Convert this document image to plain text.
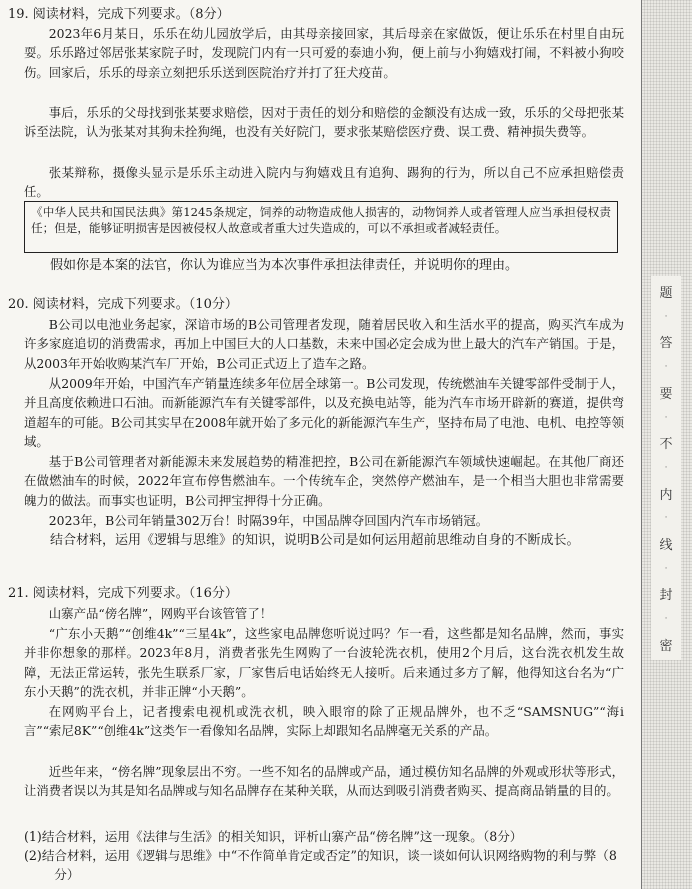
19. 阅读材料，完成下列要求。（8分）

2023年6月某日，乐乐在幼儿园放学后，由其母亲接回家，其后母亲在家做饭，便让乐乐在村里自由玩耍。乐乐路过邻居张某家院子时，发现院门内有一只可爱的泰迪小狗，便上前与小狗嬉戏打闹，不料被小狗咬伤。回家后，乐乐的母亲立刻把乐乐送到医院治疗并打了狂犬疫苗。

事后，乐乐的父母找到张某要求赔偿，因对于责任的划分和赔偿的金额没有达成一致，乐乐的父母把张某诉至法院，认为张某对其狗未拴狗绳，也没有关好院门，要求张某赔偿医疗费、误工费、精神损失费等。

张某辩称，摄像头显示是乐乐主动进入院内与狗嬉戏且有追狗、踢狗的行为，所以自己不应承担赔偿责任。

《中华人民共和国民法典》第1245条规定，饲养的动物造成他人损害的，动物饲养人或者管理人应当承担侵权责任；但是，能够证明损害是因被侵权人故意或者重大过失造成的，可以不承担或者减轻责任。

假如你是本案的法官，你认为谁应当为本次事件承担法律责任，并说明你的理由。

20. 阅读材料，完成下列要求。（10分）

B公司以电池业务起家，深谙市场的B公司管理者发现，随着居民收入和生活水平的提高，购买汽车成为许多家庭追切的消费需求，再加上中国巨大的人口基数，未来中国必定会成为世上最大的汽车产销国。于是，从2003年开始收购某汽车厂开始，B公司正式迈上了造车之路。

从2009年开始，中国汽车产销量连续多年位居全球第一。B公司发现，传统燃油车关键零部件受制于人，并且高度依赖进口石油。而新能源汽车有关键零部件，以及充换电站等，能为汽车市场开辟新的赛道，提供弯道超车的可能。B公司其实早在2008年就开始了多元化的新能源汽车生产，坚持布局了电池、电机、电控等领域。

基于B公司管理者对新能源未来发展趋势的精准把控，B公司在新能源汽车领域快速崛起。在其他厂商还在做燃油车的时候，2022年宣布停售燃油车。一个传统车企，突然停产燃油车，是一个相当大胆也非常需要魄力的做法。而事实也证明，B公司押宝押得十分正确。

2023年，B公司年销量302万台！时隔39年，中国品牌夺回国内汽车市场销冠。

结合材料，运用《逻辑与思维》的知识，说明B公司是如何运用超前思维动自身的不断成长。

21. 阅读材料，完成下列要求。（16分）

山寨产品“傍名牌”，网购平台该管管了！

“广东小天鹅”“创维4k”“三星4k”，这些家电品牌您听说过吗？乍一看，这些都是知名品牌，然而，事实并非你想象的那样。2023年8月，消费者张先生网购了一台波轮洗衣机，使用2个月后，这台洗衣机发生故障，无法正常运转，张先生联系厂家，厂家售后电话始终无人接听。后来通过多方了解，他得知这台名为“广东小天鹅”的洗衣机，并非正牌“小天鹅”。

在网购平台上，记者搜索电视机或洗衣机，映入眼帘的除了正规品牌外，也不乏“SAMSNUG”“海ⅰ言”“索尼8K”“创维4k”这类乍一看像知名品牌，实际上却跟知名品牌毫无关系的产品。

近些年来，“傍名牌”现象层出不穷。一些不知名的品牌或产品，通过模仿知名品牌的外观或形状等形式，让消费者误以为其是知名品牌或与知名品牌存在某种关联，从而达到吸引消费者购买、提高商品销量的目的。

(1)结合材料，运用《法律与生活》的相关知识，评析山寨产品“傍名牌”这一现象。（8分）
(2)结合材料，运用《逻辑与思维》中“不作简单肯定或否定”的知识，谈一谈如何认识网络购物的利与弊（8分）
题
·
答
·
要
·
不
·
内
·
线
·
封
·
密
